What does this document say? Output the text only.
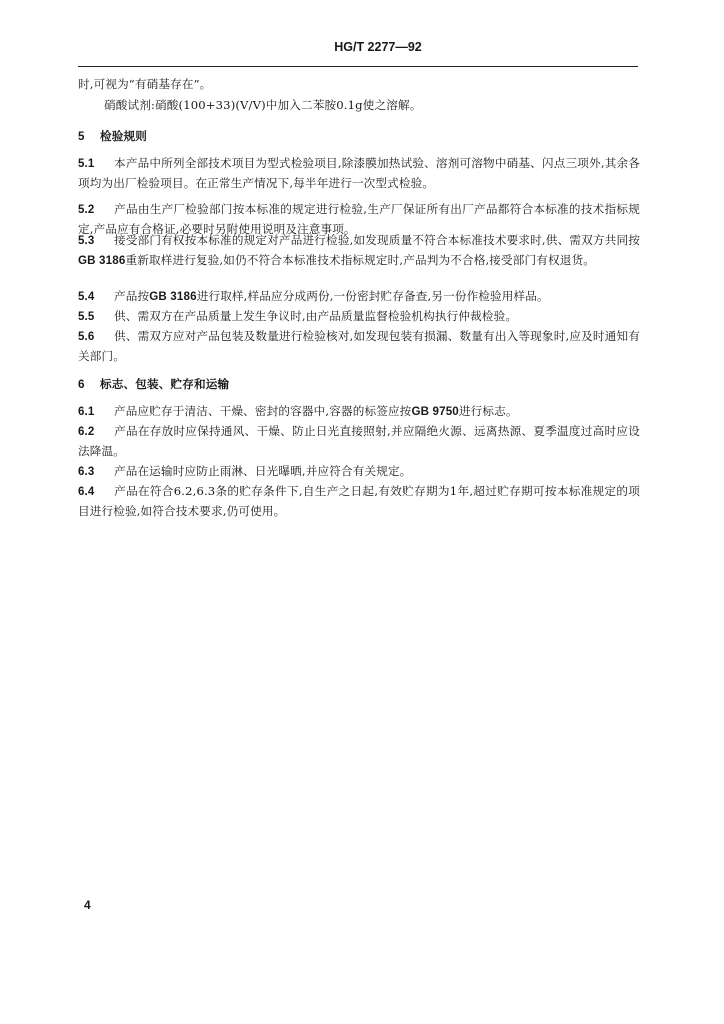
HG/T 2277—92
时,可视为“有硝基存在”。
硝酸试剂:硝酸(100+33)(V/V)中加入二苯胺0.1g使之溶解。
5 检验规则
5.1 本产品中所列全部技术项目为型式检验项目,除漆膜加热试验、溶剂可溶物中硝基、闪点三项外,其余各项均为出厂检验项目。在正常生产情况下,每半年进行一次型式检验。
5.2 产品由生产厂检验部门按本标准的规定进行检验,生产厂保证所有出厂产品都符合本标准的技术指标规定,产品应有合格证,必要时另附使用说明及注意事项。
5.3 接受部门有权按本标准的规定对产品进行检验,如发现质量不符合本标准技术要求时,供、需双方共同按GB 3186重新取样进行复验,如仍不符合本标准技术指标规定时,产品判为不合格,接受部门有权退货。
5.4 产品按GB 3186进行取样,样品应分成两份,一份密封贮存备查,另一份作检验用样品。
5.5 供、需双方在产品质量上发生争议时,由产品质量监督检验机构执行仲裁检验。
5.6 供、需双方应对产品包装及数量进行检验核对,如发现包装有损漏、数量有出入等现象时,应及时通知有关部门。
6 标志、包装、贮存和运输
6.1 产品应贮存于清洁、干燥、密封的容器中,容器的标签应按GB 9750进行标志。
6.2 产品在存放时应保持通风、干燥、防止日光直接照射,并应隔绝火源、远离热源、夏季温度过高时应设法降温。
6.3 产品在运输时应防止雨淋、日光曝晒,并应符合有关规定。
6.4 产品在符合6.2,6.3条的贮存条件下,自生产之日起,有效贮存期为1年,超过贮存期可按本标准规定的项目进行检验,如符合技术要求,仍可使用。
4
